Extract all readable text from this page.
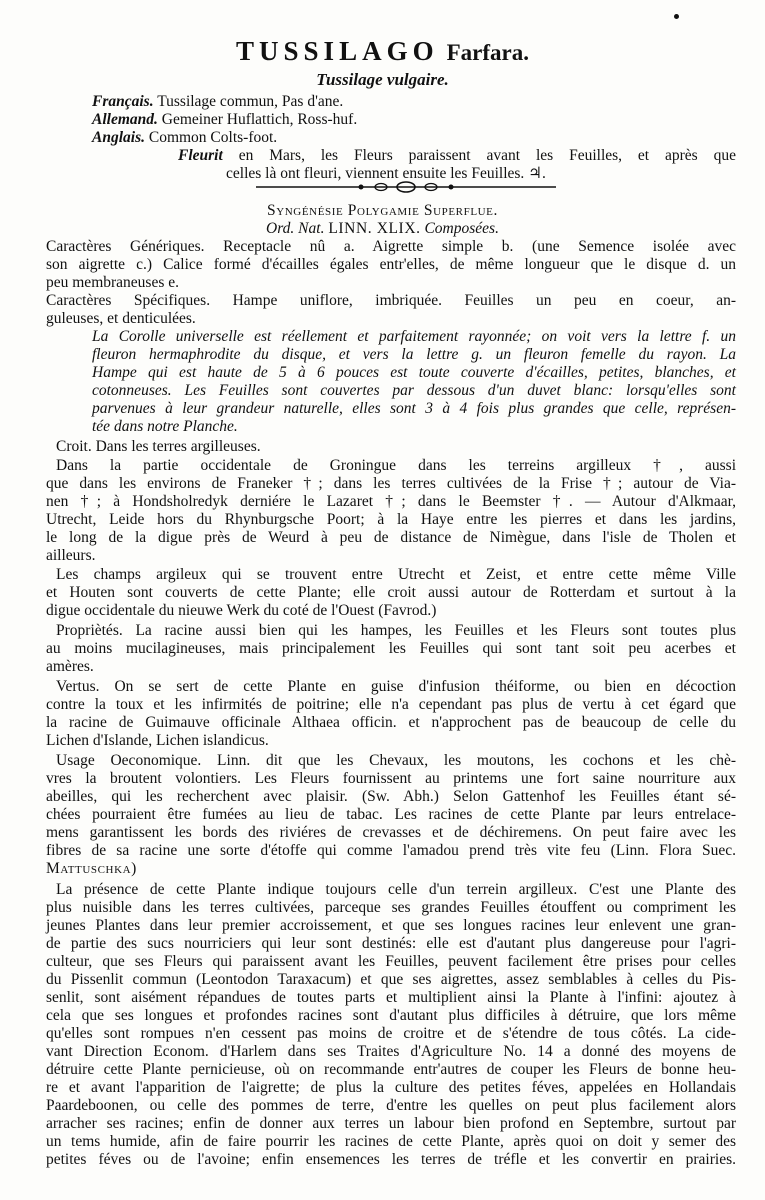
TUSSILAGO Farfara.
Tussilage vulgaire.
Français. Tussilage commun, Pas d'ane.
Allemand. Gemeiner Huflattich, Ross-huf.
Anglais. Common Colts-foot.
Fleurit en Mars, les Fleurs paraissent avant les Feuilles, et après que
celles là ont fleuri, viennent ensuite les Feuilles. ♃.
Syngénésie Polygamie Superflue.
Ord. Nat. LINN. XLIX. Composées.
Caractères Génériques. Receptacle nû a. Aigrette simple b. (une Semence isolée avec
son aigrette c.) Calice formé d'écailles égales entr'elles, de même longueur que le disque d. un
peu membraneuses e.
Caractères Spécifiques. Hampe uniflore, imbriquée. Feuilles un peu en coeur, an-
guleuses, et denticulées.
La Corolle universelle est réellement et parfaitement rayonnée; on voit vers la lettre f. un
fleuron hermaphrodite du disque, et vers la lettre g. un fleuron femelle du rayon. La
Hampe qui est haute de 5 à 6 pouces est toute couverte d'écailles, petites, blanches, et
cotonneuses. Les Feuilles sont couvertes par dessous d'un duvet blanc: lorsqu'elles sont
parvenues à leur grandeur naturelle, elles sont 3 à 4 fois plus grandes que celle, représen-
tée dans notre Planche.
Croit. Dans les terres argilleuses.
Dans la partie occidentale de Groningue dans les terreins argilleux †, aussi
que dans les environs de Franeker †; dans les terres cultivées de la Frise †; autour de Via-
nen †; à Hondsholredyk derniére le Lazaret †; dans le Beemster †. — Autour d'Alkmaar,
Utrecht, Leide hors du Rhynburgsche Poort; à la Haye entre les pierres et dans les jardins,
le long de la digue près de Weurd à peu de distance de Nimègue, dans l'isle de Tholen et
ailleurs.
Les champs argileux qui se trouvent entre Utrecht et Zeist, et entre cette même Ville
et Houten sont couverts de cette Plante; elle croit aussi autour de Rotterdam et surtout à la
digue occidentale du nieuwe Werk du coté de l'Ouest (Favrod.)
Propriètés. La racine aussi bien qui les hampes, les Feuilles et les Fleurs sont toutes plus
au moins mucilagineuses, mais principalement les Feuilles qui sont tant soit peu acerbes et
amères.
Vertus. On se sert de cette Plante en guise d'infusion théiforme, ou bien en décoction
contre la toux et les infirmités de poitrine; elle n'a cependant pas plus de vertu à cet égard que
la racine de Guimauve officinale Althaea officin. et n'approchent pas de beaucoup de celle du
Lichen d'Islande, Lichen islandicus.
Usage Oeconomique. Linn. dit que les Chevaux, les moutons, les cochons et les chè-
vres la broutent volontiers. Les Fleurs fournissent au printems une fort saine nourriture aux
abeilles, qui les recherchent avec plaisir. (Sw. Abh.) Selon Gattenhof les Feuilles étant sé-
chées pourraient être fumées au lieu de tabac. Les racines de cette Plante par leurs entrelace-
mens garantissent les bords des riviéres de crevasses et de déchiremens. On peut faire avec les
fibres de sa racine une sorte d'étoffe qui comme l'amadou prend très vite feu (Linn. Flora Suec.
Mattuschka)
La présence de cette Plante indique toujours celle d'un terrein argilleux. C'est une Plante des
plus nuisible dans les terres cultivées, parceque ses grandes Feuilles étouffent ou compriment les
jeunes Plantes dans leur premier accroissement, et que ses longues racines leur enlevent une gran-
de partie des sucs nourriciers qui leur sont destinés: elle est d'autant plus dangereuse pour l'agri-
culteur, que ses Fleurs qui paraissent avant les Feuilles, peuvent facilement être prises pour celles
du Pissenlit commun (Leontodon Taraxacum) et que ses aigrettes, assez semblables à celles du Pis-
senlit, sont aisément répandues de toutes parts et multiplient ainsi la Plante à l'infini: ajoutez à
cela que ses longues et profondes racines sont d'autant plus difficiles à détruire, que lors même
qu'elles sont rompues n'en cessent pas moins de croitre et de s'étendre de tous côtés. La cide-
vant Direction Econom. d'Harlem dans ses Traites d'Agriculture No. 14 a donné des moyens de
détruire cette Plante pernicieuse, où on recommande entr'autres de couper les Fleurs de bonne heu-
re et avant l'apparition de l'aigrette; de plus la culture des petites féves, appelées en Hollandais
Paardeboonen, ou celle des pommes de terre, d'entre les quelles on peut plus facilement alors
arracher ses racines; enfin de donner aux terres un labour bien profond en Septembre, surtout par
un tems humide, afin de faire pourrir les racines de cette Plante, après quoi on doit y semer des
petites féves ou de l'avoine; enfin ensemences les terres de tréfle et les convertir en prairies.
